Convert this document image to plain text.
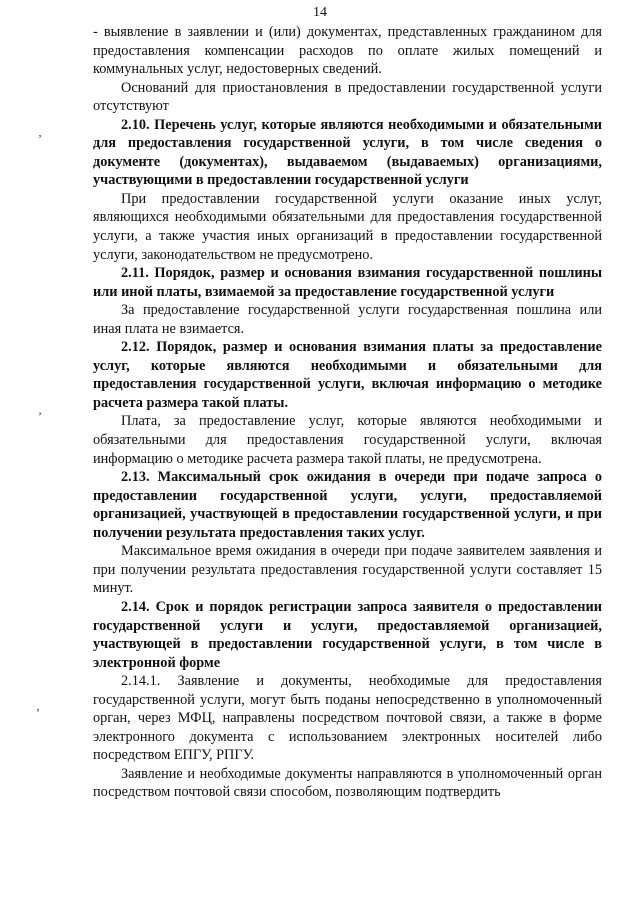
14
‚
’
‚

- выявление в заявлении и (или) документах, представленных гражданином для предоставления компенсации расходов по оплате жилых помещений и коммунальных услуг, недостоверных сведений.

Оснований для приостановления в предоставлении государственной услуги отсутствуют

2.10. Перечень услуг, которые являются необходимыми и обязательными для предоставления государственной услуги, в том числе сведения о документе (документах), выдаваемом (выдаваемых) организациями, участвующими в предоставлении государственной услуги

При предоставлении государственной услуги оказание иных услуг, являющихся необходимыми обязательными для предоставления государственной услуги, а также участия иных организаций в предоставлении государственной услуги, законодательством не предусмотрено.

2.11. Порядок, размер и основания взимания государственной пошлины или иной платы, взимаемой за предоставление государственной услуги

За предоставление государственной услуги государственная пошлина или иная плата не взимается.

2.12. Порядок, размер и основания взимания платы за предоставление услуг, которые являются необходимыми и обязательными для предоставления государственной услуги, включая информацию о методике расчета размера такой платы.

Плата, за предоставление услуг, которые являются необходимыми и обязательными для предоставления государственной услуги, включая информацию о методике расчета размера такой платы, не предусмотрена.

2.13. Максимальный срок ожидания в очереди при подаче запроса о предоставлении государственной услуги, услуги, предоставляемой организацией, участвующей в предоставлении государственной услуги, и при получении результата предоставления таких услуг.

Максимальное время ожидания в очереди при подаче заявителем заявления и при получении результата предоставления государственной услуги составляет 15 минут.

2.14. Срок и порядок регистрации запроса заявителя о предоставлении государственной услуги и услуги, предоставляемой организацией, участвующей в предоставлении государственной услуги, в том числе в электронной форме

2.14.1. Заявление и документы, необходимые для предоставления государственной услуги, могут быть поданы непосредственно в уполномоченный орган, через МФЦ, направлены посредством почтовой связи, а также в форме электронного документа с использованием электронных носителей либо посредством ЕПГУ, РПГУ.

Заявление и необходимые документы направляются в уполномоченный орган посредством почтовой связи способом, позволяющим подтвердить
